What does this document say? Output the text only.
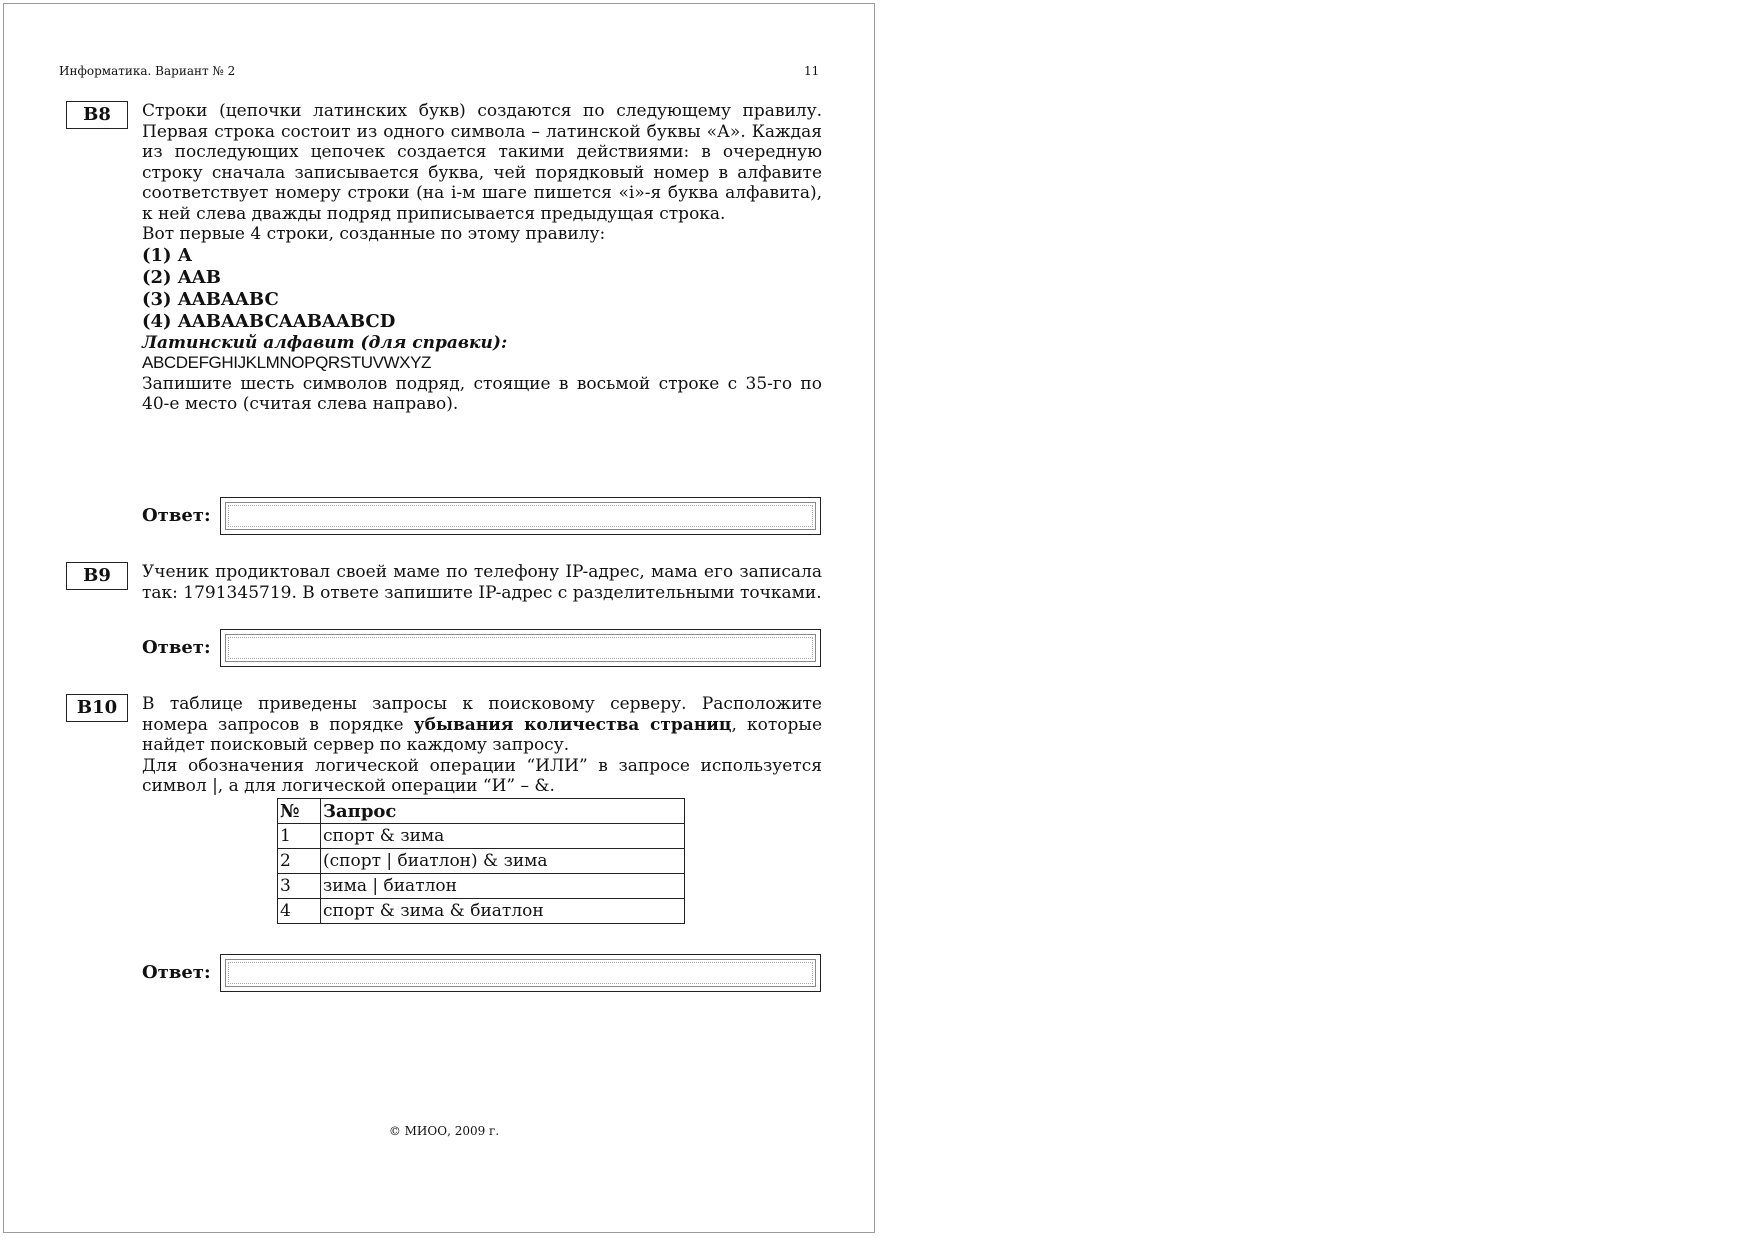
Информатика. Вариант № 2	11
B8	Строки (цепочки латинских букв) создаются по следующему правилу. Первая строка состоит из одного символа – латинской буквы «А». Каждая из последующих цепочек создается такими действиями: в очередную строку сначала записывается буква, чей порядковый номер в алфавите соответствует номеру строки (на i-м шаге пишется «i»-я буква алфавита), к ней слева дважды подряд приписывается предыдущая строка.

Вот первые 4 строки, созданные по этому правилу:

(1) A
(2) AAB
(3) AABAABC
(4) AABAABCAABAABCD

Латинский алфавит (для справки):

ABCDEFGHIJKLMNOPQRSTUVWXYZ

Запишите шесть символов подряд, стоящие в восьмой строке с 35-го по 40-е место (считая слева направо).

Ответ:
B9	Ученик продиктовал своей маме по телефону IP-адрес, мама его записала так: 1791345719. В ответе запишите IP-адрес с разделительными точками.

Ответ:
B10	В таблице приведены запросы к поисковому серверу. Расположите номера запросов в порядке убывания количества страниц, которые найдет поисковый сервер по каждому запросу.

Для обозначения логической операции “ИЛИ” в запросе используется символ |, а для логической операции “И” – &.

№	Запрос
1	спорт & зима
2	(спорт | биатлон) & зима
3	зима | биатлон
4	спорт & зима & биатлон
Ответ:
© МИОО, 2009 г.
